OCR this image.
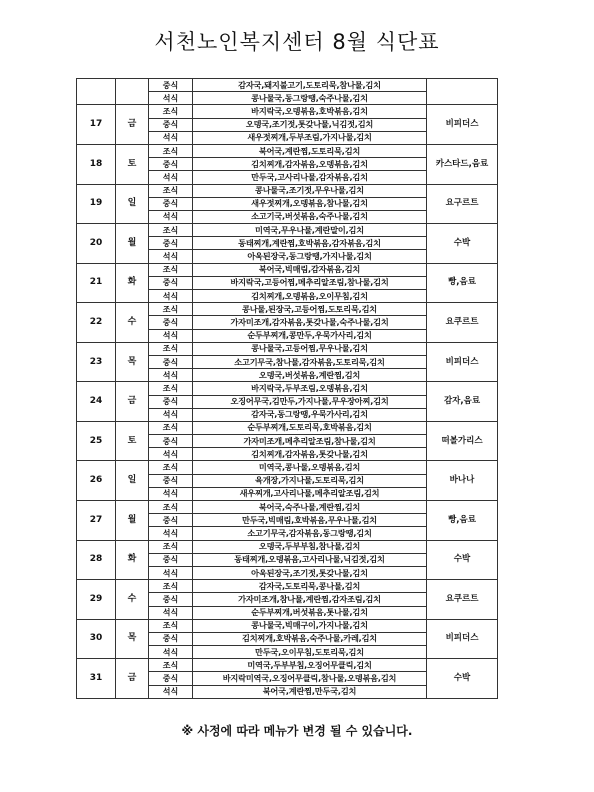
서천노인복지센터 8월 식단표
		중식	감자국,돼지불고기,도토리묵,참나물,김치	
		석식	콩나물국,동그랑땡,숙주나물,김치	
17	금	조식	바지락국,오뎅볶음,호박볶음,김치	비피더스
		중식	오뎅국,조기젓,톳갖나물,닉김젓,김치	
		석식	새우젓찌개,두부조림,가지나물,김치	
18	토	조식	북어국,계란찜,도토리묵,김치	카스타드,음료
		중식	김치찌개,감자볶음,오뎅볶음,김치	
		석식	만두국,고사리나물,감자볶음,김치	
19	일	조식	콩나물국,조기젓,무우나물,김치	요구르트
		중식	새우젓찌개,오뎅볶음,참나물,김치	
		석식	소고기국,버섯볶음,숙주나물,김치	
20	월	조식	미역국,무우나물,계란말이,김치	수박
		중식	동태찌개,계란찜,호박볶음,감자볶음,김치	
		석식	아욱된장국,동그랑땡,가지나물,김치	
21	화	조식	북어국,빅매림,감자볶음,김치	빵,음료
		중식	바지락국,고등어찜,메추리알조림,참나물,김치	
		석식	김치찌개,오뎅볶음,오이무침,김치	
22	수	조식	콩나물,된장국,고등어찜,도토리묵,김치	요쿠르트
		중식	가자미조개,감자볶음,톳갖나물,숙주나물,김치	
		석식	순두부찌개,콩만두,우묵가사리,김치	
23	목	조식	콩나물국,고등어찜,무우나물,김치	비피더스
		중식	소고기무국,참나물,감자볶음,도토리묵,김치	
		석식	오뎅국,버섯볶음,계란찜,김치	
24	금	조식	바지락국,두부조림,오뎅볶음,김치	감자,음료
		중식	오징어무국,김만두,가지나물,무우장아찌,김치	
		석식	감자국,동그랑땡,우묵가사리,김치	
25	토	조식	순두부찌개,도토리묵,호박볶음,김치	떠볼가리스
		중식	가자미조개,메추리알조림,참나물,김치	
		석식	김치찌개,감자볶음,톳갖나물,김치	
26	일	조식	미역국,콩나물,오뎅볶음,김치	바나나
		중식	육개장,가지나물,도토리묵,김치	
		석식	새우찌개,고사리나물,메추리알조림,김치	
27	월	조식	북어국,숙주나물,계란찜,김치	빵,음료
		중식	만두국,빅매림,호박볶음,무우나물,김치	
		석식	소고기무국,감자볶음,동그랑땡,김치	
28	화	조식	오뎅국,두부부침,참나물,김치	수박
		중식	동태찌개,오뎅볶음,고사리나물,닉김젓,김치	
		석식	아욱된장국,조기젓,톳갖나물,김치	
29	수	조식	감자국,도토리묵,콩나물,김치	요쿠르트
		중식	가자미조개,참나물,계란찜,감자조림,김치	
		석식	순두부찌개,버섯볶음,톳나물,김치	
30	목	조식	콩나물국,빅매구이,가지나물,김치	비피더스
		중식	김치찌개,호박볶음,숙주나물,카레,김치	
		석식	만두국,오이무침,도토리묵,김치	
31	금	조식	미역국,두부부침,오징어무클릭,김치	수박
		중식	바지락미역국,오징어무클릭,참나물,오뎅볶음,김치	
		석식	북어국,계란찜,만두국,김치	
※ 사정에 따라 메뉴가 변경 될 수 있습니다.
